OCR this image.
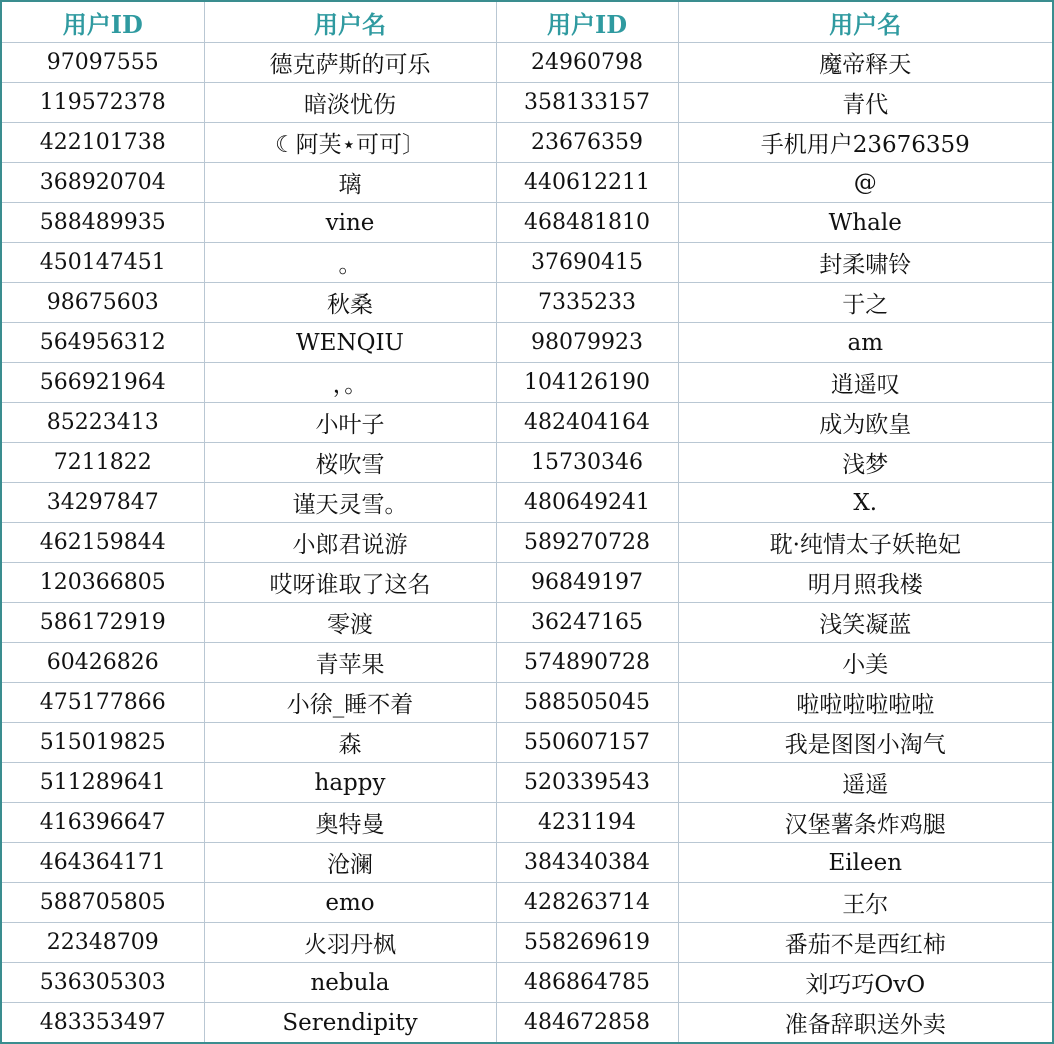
用户ID	用户名	用户ID	用户名
97097555	德克萨斯的可乐	24960798	魔帝释天
119572378	暗淡忧伤	358133157	青代
422101738	☾阿芙⋆可可〕	23676359	手机用户23676359
368920704	璃	440612211	@
588489935	vine	468481810	Whale
450147451	。	37690415	封柔啸铃
98675603	秋桑	7335233	于之
564956312	WENQIU	98079923	am
566921964	，。	104126190	逍遥叹
85223413	小叶子	482404164	成为欧皇
7211822	桜吹雪	15730346	浅梦
34297847	谨天灵雪。	480649241	X.
462159844	小郎君说游	589270728	耽·纯情太子妖艳妃
120366805	哎呀谁取了这名	96849197	明月照我楼
586172919	零渡	36247165	浅笑凝蓝
60426826	青苹果	574890728	小美
475177866	小徐_睡不着	588505045	啦啦啦啦啦啦
515019825	森	550607157	我是图图小淘气
511289641	happy	520339543	遥遥
416396647	奥特曼	4231194	汉堡薯条炸鸡腿
464364171	沧澜	384340384	Eileen
588705805	emo	428263714	王尔
22348709	火羽丹枫	558269619	番茄不是西红柿
536305303	nebula	486864785	刘巧巧OvO
483353497	Serendipity	484672858	准备辞职送外卖
